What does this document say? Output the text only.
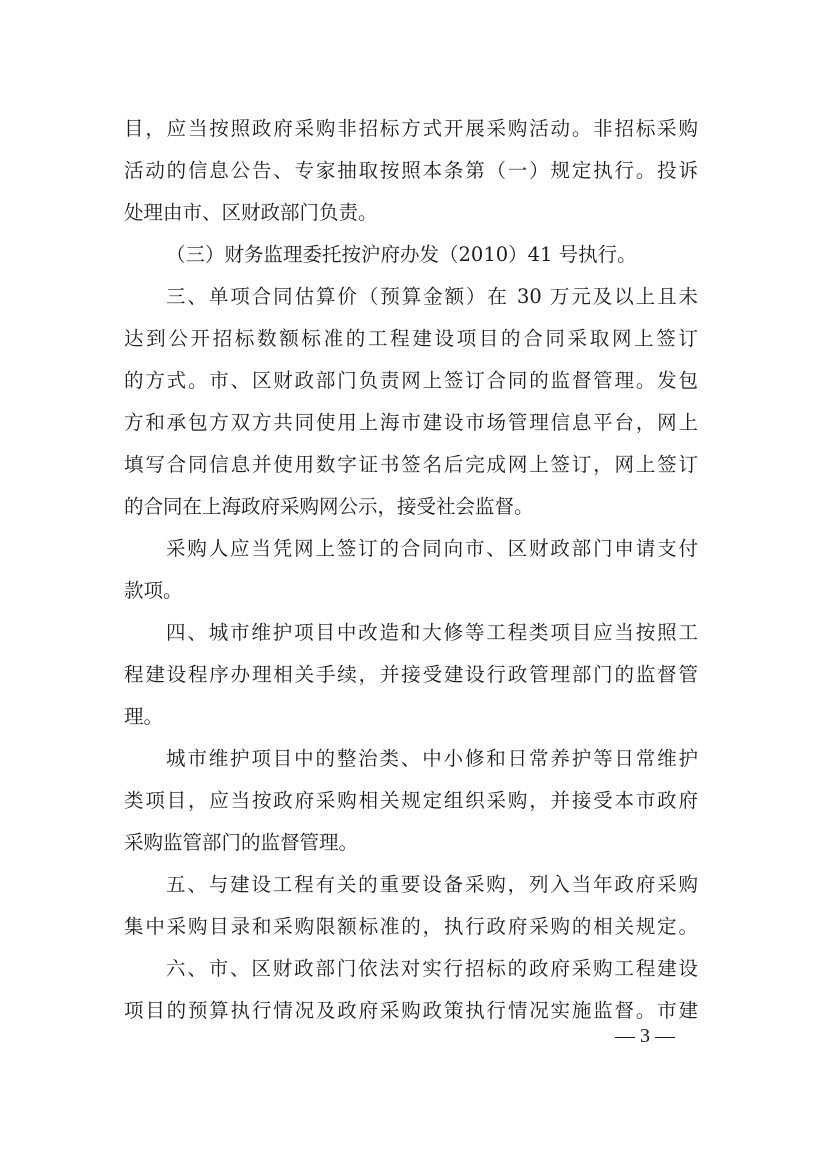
目，应当按照政府采购非招标方式开展采购活动。非招标采购
活动的信息公告、专家抽取按照本条第（一）规定执行。投诉
处理由市、区财政部门负责。
（三）财务监理委托按沪府办发（2010）41 号执行。
三、单项合同估算价（预算金额）在 30 万元及以上且未
达到公开招标数额标准的工程建设项目的合同采取网上签订
的方式。市、区财政部门负责网上签订合同的监督管理。发包
方和承包方双方共同使用上海市建设市场管理信息平台，网上
填写合同信息并使用数字证书签名后完成网上签订，网上签订
的合同在上海政府采购网公示，接受社会监督。
采购人应当凭网上签订的合同向市、区财政部门申请支付
款项。
四、城市维护项目中改造和大修等工程类项目应当按照工
程建设程序办理相关手续，并接受建设行政管理部门的监督管
理。
城市维护项目中的整治类、中小修和日常养护等日常维护
类项目，应当按政府采购相关规定组织采购，并接受本市政府
采购监管部门的监督管理。
五、与建设工程有关的重要设备采购，列入当年政府采购
集中采购目录和采购限额标准的，执行政府采购的相关规定。
六、市、区财政部门依法对实行招标的政府采购工程建设
项目的预算执行情况及政府采购政策执行情况实施监督。市建
— 3 —
